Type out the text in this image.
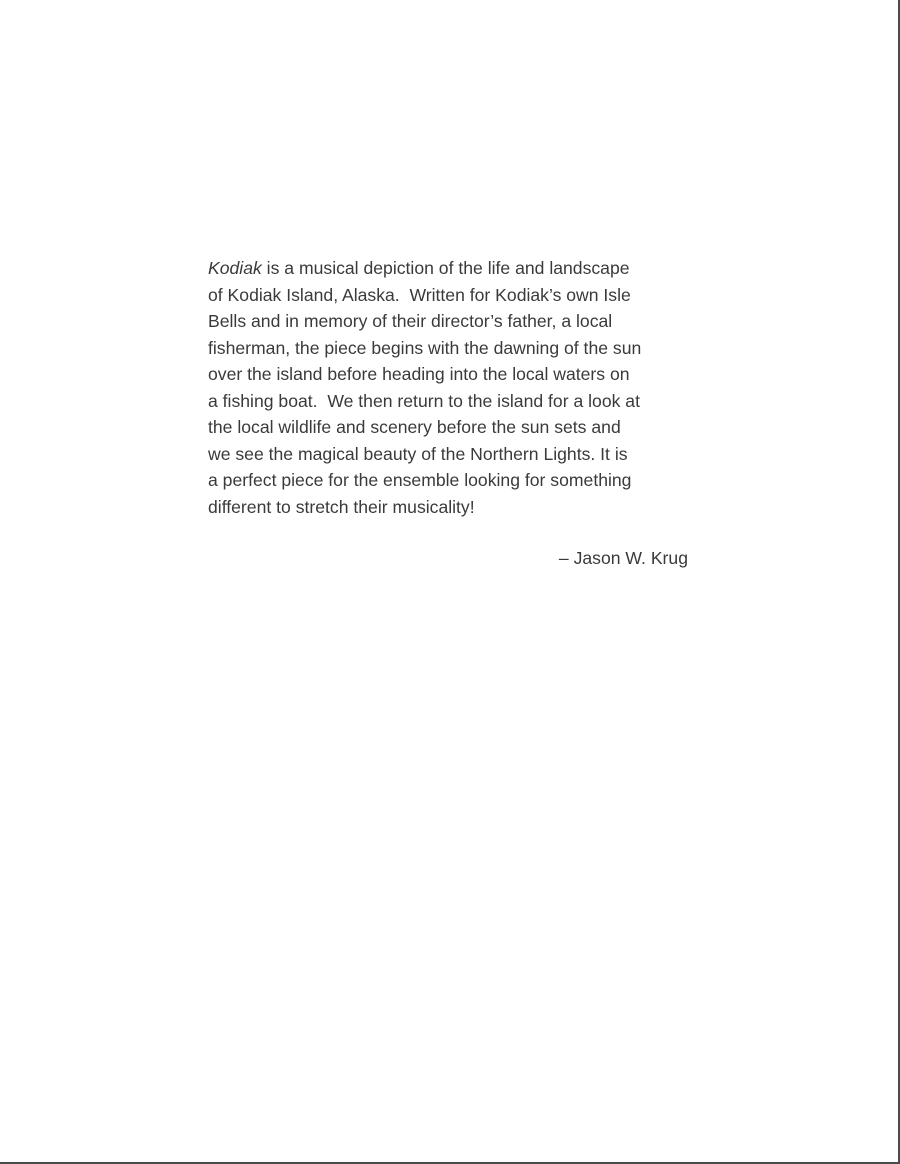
Kodiak is a musical depiction of the life and landscape
of Kodiak Island, Alaska.  Written for Kodiak’s own Isle
Bells and in memory of their director’s father, a local
fisherman, the piece begins with the dawning of the sun
over the island before heading into the local waters on
a fishing boat.  We then return to the island for a look at
the local wildlife and scenery before the sun sets and
we see the magical beauty of the Northern Lights. It is
a perfect piece for the ensemble looking for something
different to stretch their musicality!
– Jason W. Krug
